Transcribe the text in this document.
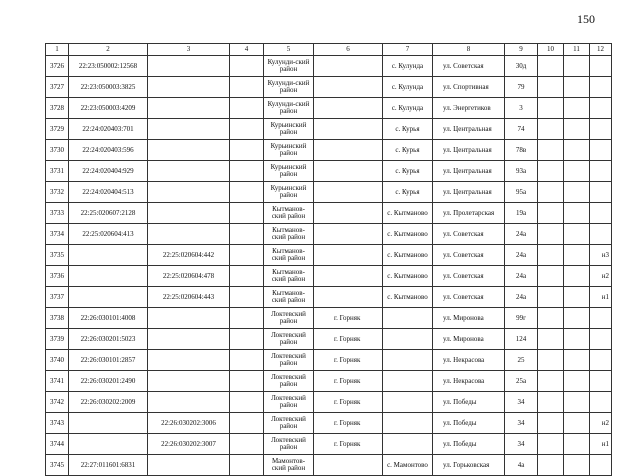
150
1	2	3	4	5	6	7	8	9	10	11	12
3726	22:23:050002:12568			Кулунди-ский район		с. Кулунда	ул. Советская	30д			
3727	22:23:050003:3825			Кулунди-ский район		с. Кулунда	ул. Спортивная	79			
3728	22:23:050003:4209			Кулунди-ский район		с. Кулунда	ул. Энергетиков	3			
3729	22:24:020403:701			Курьинский район		с. Курья	ул. Центральная	74			
3730	22:24:020403:596			Курьинский район		с. Курья	ул. Центральная	78в			
3731	22:24:020404:929			Курьинский район		с. Курья	ул. Центральная	93а			
3732	22:24:020404:513			Курьинский район		с. Курья	ул. Центральная	95а			
3733	22:25:020607:2128			Кытманов-ский район		с. Кытманово	ул. Пролетарская	19а			
3734	22:25:020604:413			Кытманов-ский район		с. Кытманово	ул. Советская	24а			
3735		22:25:020604:442		Кытманов-ский район		с. Кытманово	ул. Советская	24а			н3
3736		22:25:020604:478		Кытманов-ский район		с. Кытманово	ул. Советская	24а			н2
3737		22:25:020604:443		Кытманов-ский район		с. Кытманово	ул. Советская	24а			н1
3738	22:26:030101:4008			Локтевский район	г. Горняк		ул. Миронова	99г			
3739	22:26:030201:5023			Локтевский район	г. Горняк		ул. Миронова	124			
3740	22:26:030101:2857			Локтевский район	г. Горняк		ул. Некрасова	25			
3741	22:26:030201:2490			Локтевский район	г. Горняк		ул. Некрасова	25а			
3742	22:26:030202:2009			Локтевский район	г. Горняк		ул. Победы	34			
3743		22:26:030202:3006		Локтевский район	г. Горняк		ул. Победы	34			н2
3744		22:26:030202:3007		Локтевский район	г. Горняк		ул. Победы	34			н1
3745	22:27:011601:6831			Мамонтов-ский район		с. Мамонтово	ул. Горьковская	4а			
